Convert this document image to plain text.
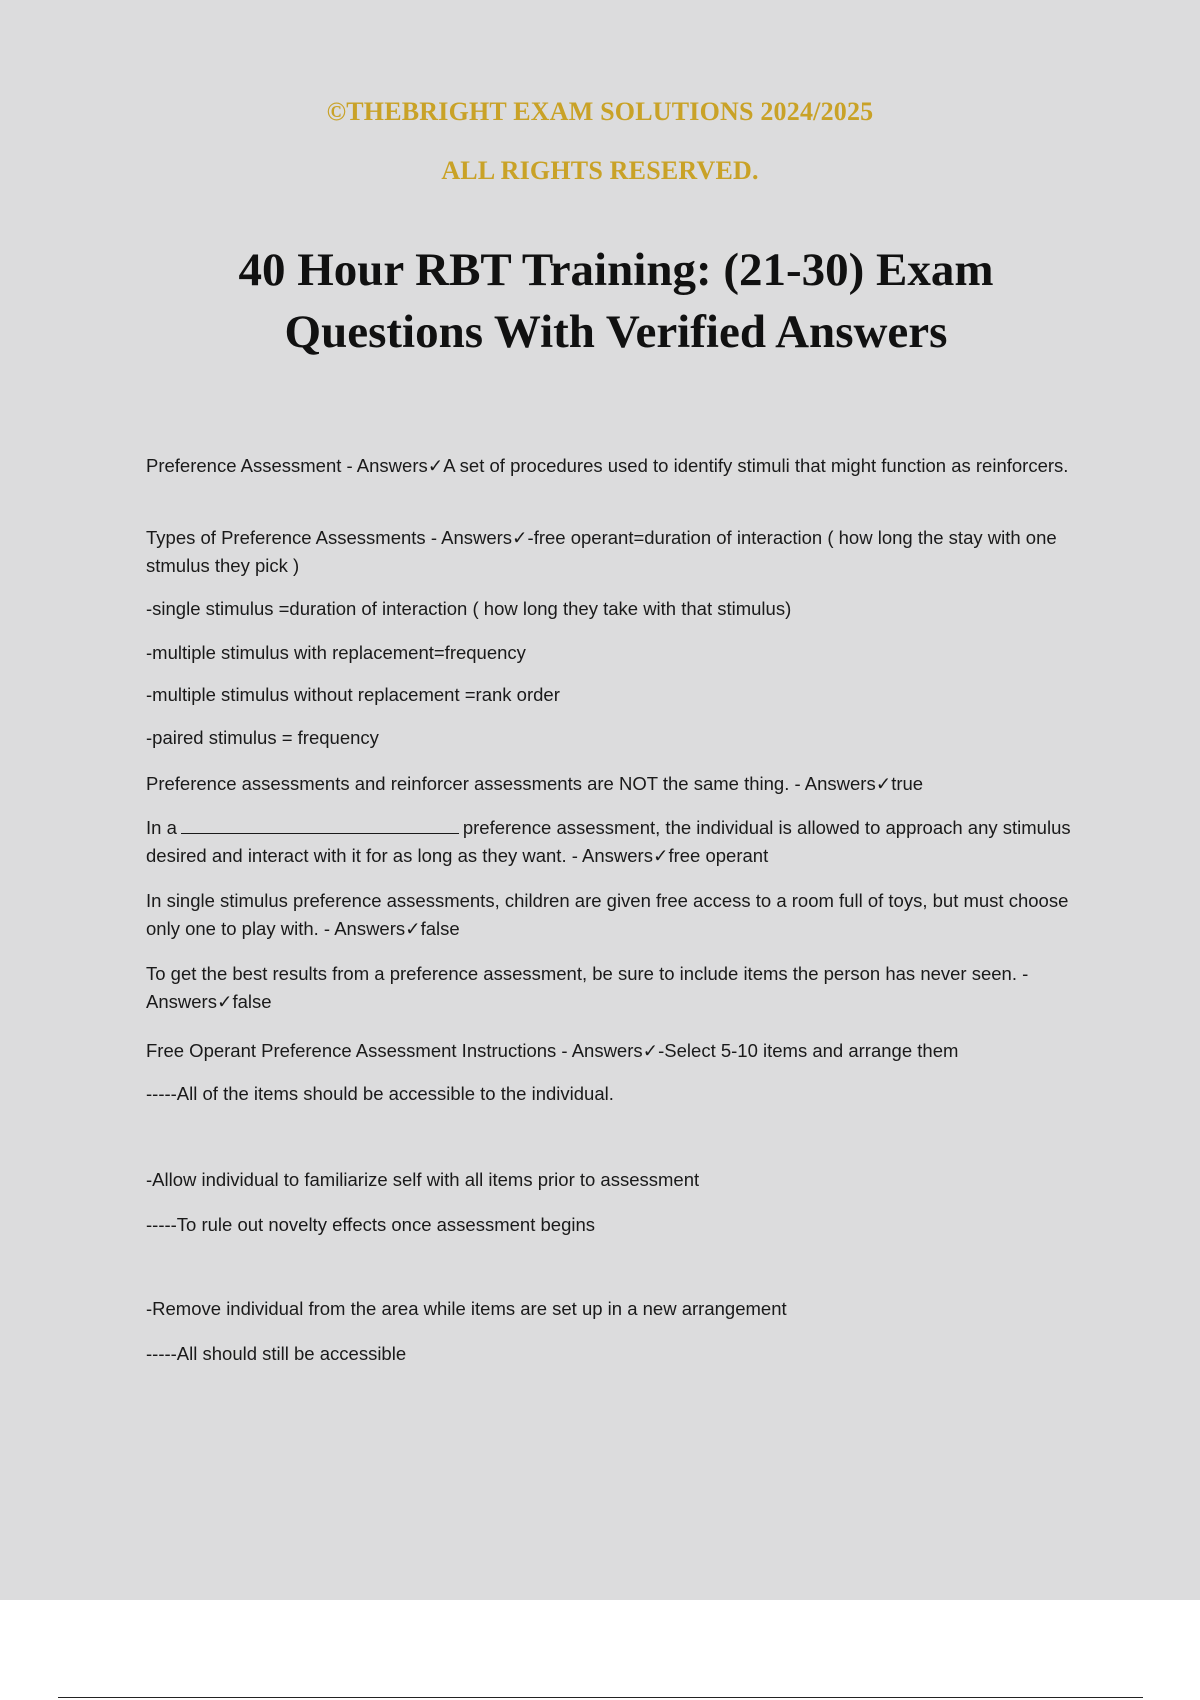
©THEBRIGHT EXAM SOLUTIONS 2024/2025
ALL RIGHTS RESERVED.
40 Hour RBT Training: (21-30) Exam
Questions With Verified Answers
Preference Assessment - Answers✓A set of procedures used to identify stimuli that might function as reinforcers.
Types of Preference Assessments - Answers✓-free operant=duration of interaction ( how long the stay with one stmulus they pick )
-single stimulus =duration of interaction ( how long they take with that stimulus)
-multiple stimulus with replacement=frequency
-multiple stimulus without replacement =rank order
-paired stimulus = frequency
Preference assessments and reinforcer assessments are NOT the same thing. - Answers✓true
In a	preference assessment, the individual is allowed to approach any stimulus desired and interact with it for as long as they want. - Answers✓free operant
In single stimulus preference assessments, children are given free access to a room full of toys, but must choose only one to play with. - Answers✓false
To get the best results from a preference assessment, be sure to include items the person has never seen. - Answers✓false
Free Operant Preference Assessment Instructions - Answers✓-Select 5-10 items and arrange them
-----All of the items should be accessible to the individual.
-Allow individual to familiarize self with all items prior to assessment
-----To rule out novelty effects once assessment begins
-Remove individual from the area while items are set up in a new arrangement
-----All should still be accessible
